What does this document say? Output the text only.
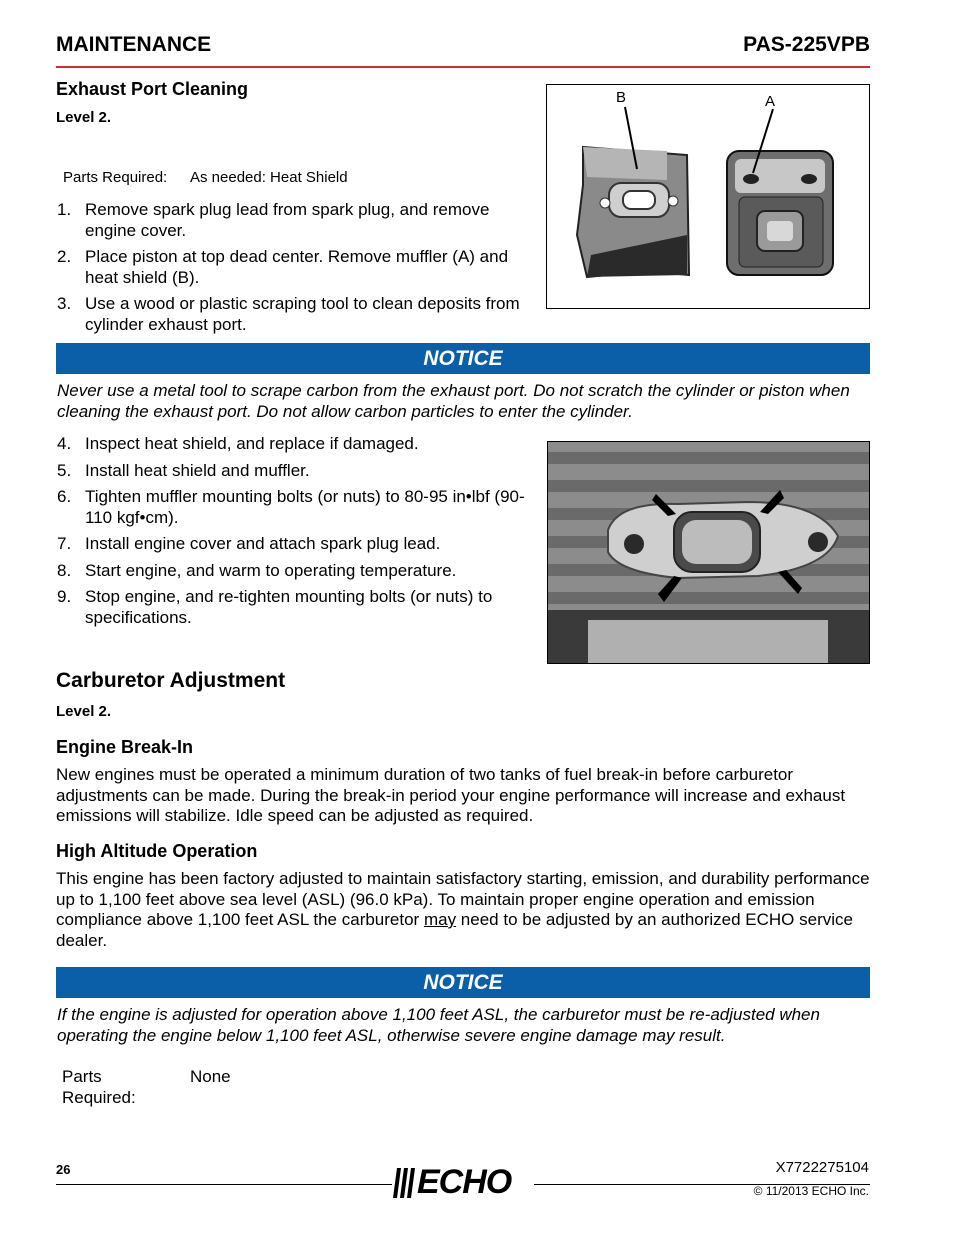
MAINTENANCE	PAS-225VPB
Exhaust Port Cleaning
Level 2.
Parts Required: As needed: Heat Shield
1. Remove spark plug lead from spark plug, and remove engine cover.
2. Place piston at top dead center. Remove muffler (A) and heat shield (B).
3. Use a wood or plastic scraping tool to clean deposits from cylinder exhaust port.
B	A
NOTICE
Never use a metal tool to scrape carbon from the exhaust port. Do not scratch the cylinder or piston when cleaning the exhaust port. Do not allow carbon particles to enter the cylinder.
4. Inspect heat shield, and replace if damaged.
5. Install heat shield and muffler.
6. Tighten muffler mounting bolts (or nuts) to 80-95 in•lbf (90-110 kgf•cm).
7. Install engine cover and attach spark plug lead.
8. Start engine, and warm to operating temperature.
9. Stop engine, and re-tighten mounting bolts (or nuts) to specifications.
Carburetor Adjustment
Level 2.
Engine Break-In
New engines must be operated a minimum duration of two tanks of fuel break-in before carburetor adjustments can be made. During the break-in period your engine performance will increase and exhaust emissions will stabilize. Idle speed can be adjusted as required.
High Altitude Operation
This engine has been factory adjusted to maintain satisfactory starting, emission, and durability performance up to 1,100 feet above sea level (ASL) (96.0 kPa). To maintain proper engine operation and emission compliance above 1,100 feet ASL the carburetor may need to be adjusted by an authorized ECHO service dealer.
NOTICE
If the engine is adjusted for operation above 1,100 feet ASL, the carburetor must be re-adjusted when operating the engine below 1,100 feet ASL, otherwise severe engine damage may result.
Parts Required:
None
26	ECHO	X7722275104
© 11/2013 ECHO Inc.
